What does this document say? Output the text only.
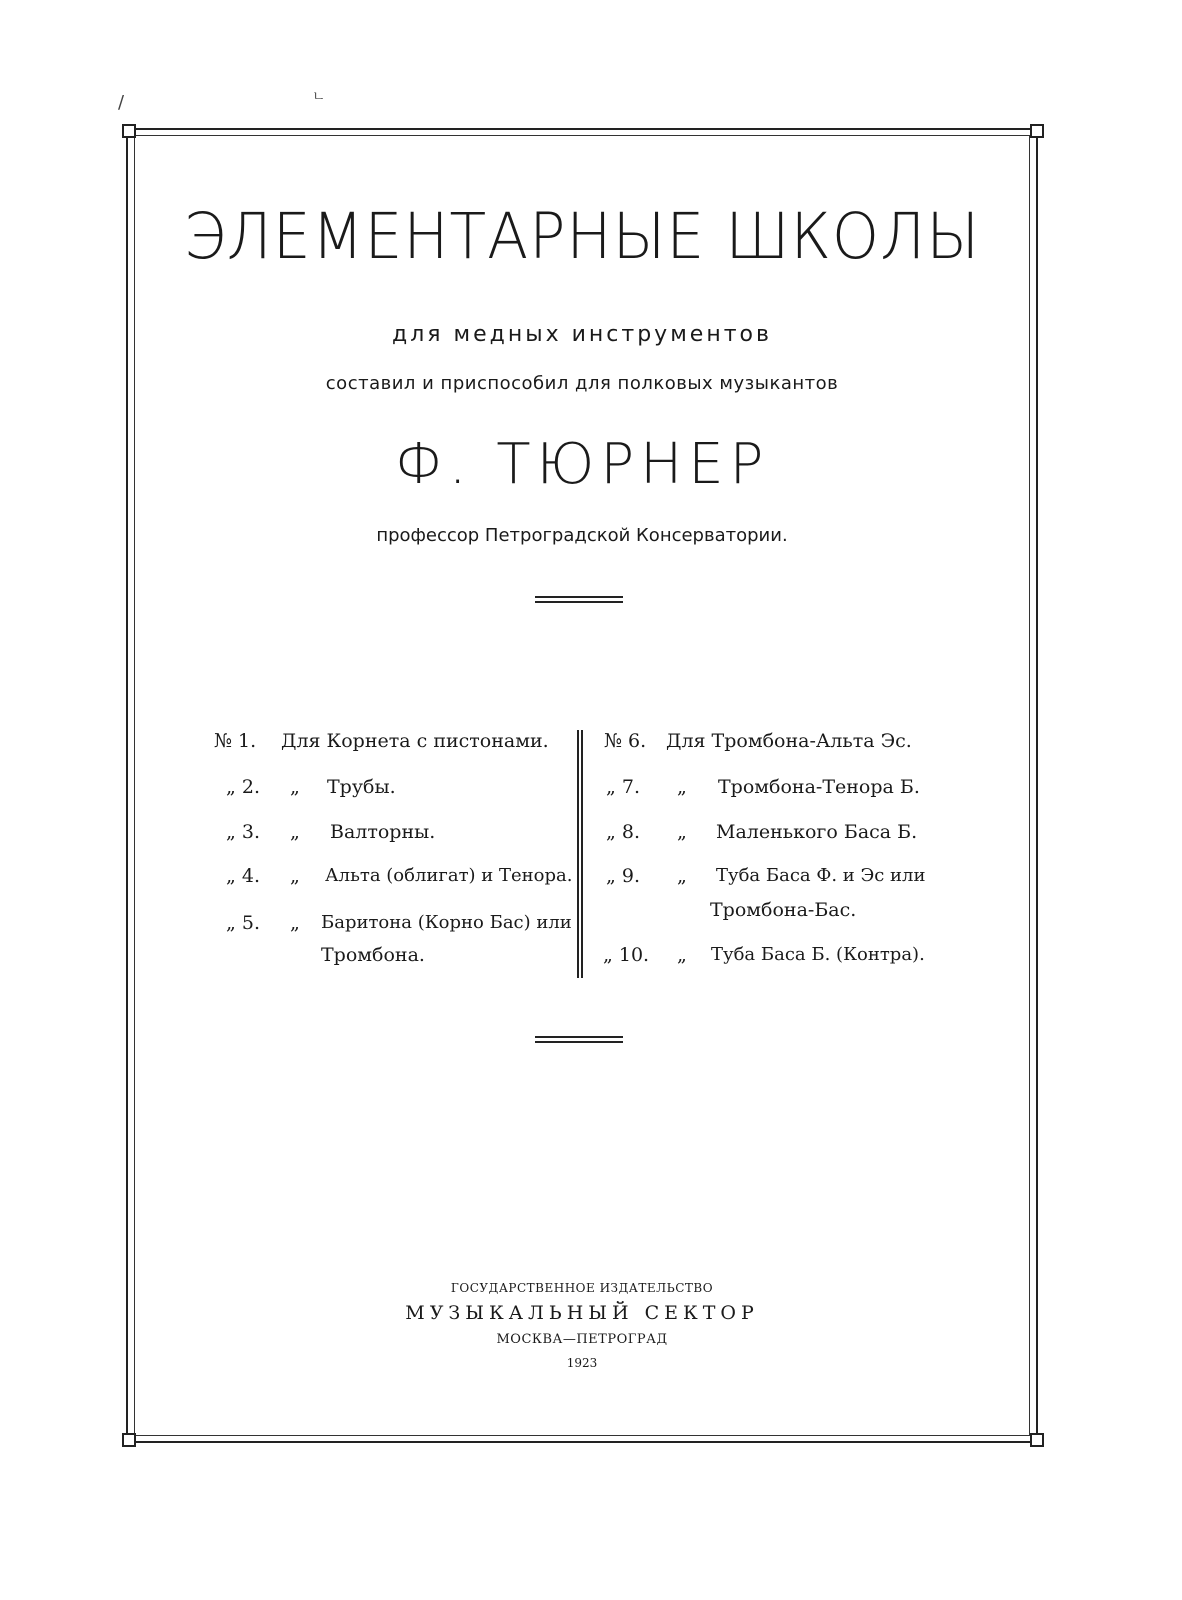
/	ㄴ
ЭЛЕМЕНТАРНЫЕ ШКОЛЫ
для медных инструментов
составил и приспособил для полковых музыкантов
Ф. ТЮРНЕР
профессор Петроградской Консерватории.
№ 1. Для Корнета с пистонами.
„ 2. „ Трубы.
„ 3. „ Валторны.
„ 4. „ Альта (облигат) и Тенора.
„ 5. „ Баритона (Корно Бас) или
Тромбона.
№ 6. Для Тромбона-Альта Эс.
„ 7. „ Тромбона-Тенора Б.
„ 8. „ Маленького Баса Б.
„ 9. „ Туба Баса Ф. и Эс или
Тромбона-Бас.
„ 10. „ Туба Баса Б. (Контра).
ГОСУДАРСТВЕННОЕ ИЗДАТЕЛЬСТВО
МУЗЫКАЛЬНЫЙ СЕКТОР
МОСКВА—ПЕТРОГРАД
1923
